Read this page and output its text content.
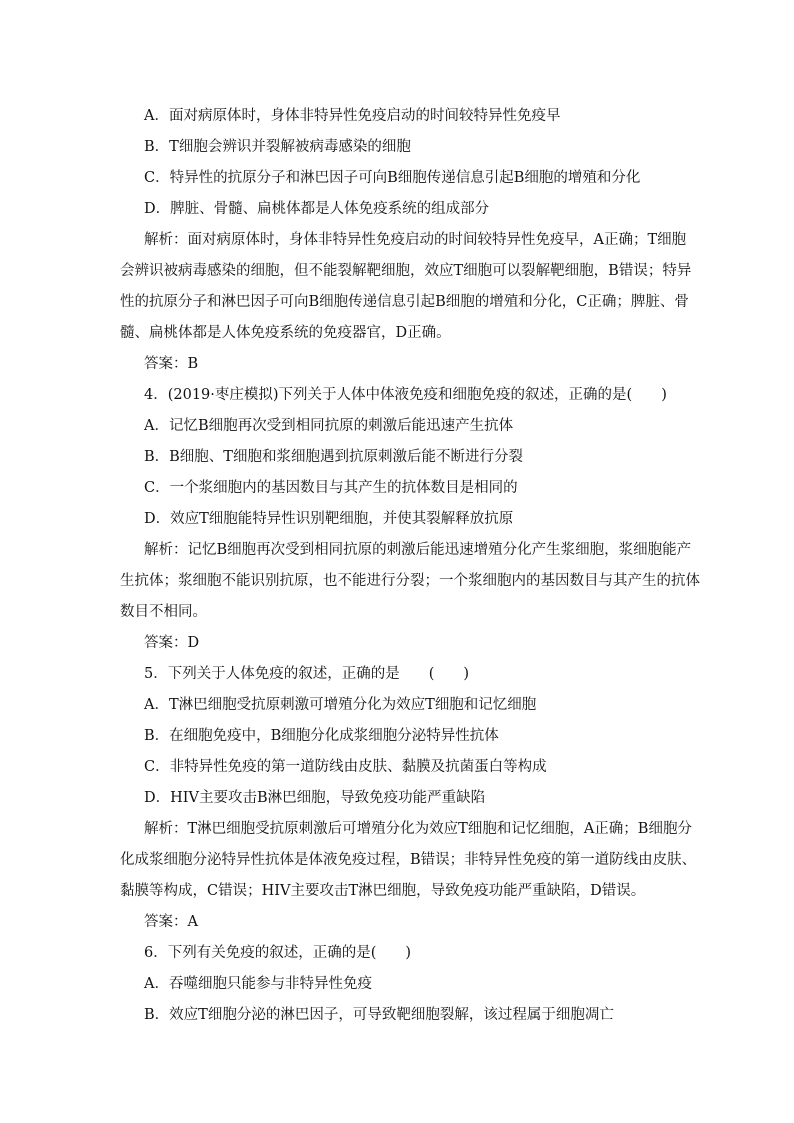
A．面对病原体时，身体非特异性免疫启动的时间较特异性免疫早
B．T细胞会辨识并裂解被病毒感染的细胞
C．特异性的抗原分子和淋巴因子可向B细胞传递信息引起B细胞的增殖和分化
D．脾脏、骨髓、扁桃体都是人体免疫系统的组成部分
解析：面对病原体时，身体非特异性免疫启动的时间较特异性免疫早，A正确；T细胞
会辨识被病毒感染的细胞，但不能裂解靶细胞，效应T细胞可以裂解靶细胞，B错误；特异
性的抗原分子和淋巴因子可向B细胞传递信息引起B细胞的增殖和分化，C正确；脾脏、骨
髓、扁桃体都是人体免疫系统的免疫器官，D正确。
答案：B
4．(2019·枣庄模拟)下列关于人体中体液免疫和细胞免疫的叙述，正确的是(　　)
A．记忆B细胞再次受到相同抗原的刺激后能迅速产生抗体
B．B细胞、T细胞和浆细胞遇到抗原刺激后能不断进行分裂
C．一个浆细胞内的基因数目与其产生的抗体数目是相同的
D．效应T细胞能特异性识别靶细胞，并使其裂解释放抗原
解析：记忆B细胞再次受到相同抗原的刺激后能迅速增殖分化产生浆细胞，浆细胞能产
生抗体；浆细胞不能识别抗原，也不能进行分裂；一个浆细胞内的基因数目与其产生的抗体
数目不相同。
答案：D
5．下列关于人体免疫的叙述，正确的是　　(　　)
A．T淋巴细胞受抗原刺激可增殖分化为效应T细胞和记忆细胞
B．在细胞免疫中，B细胞分化成浆细胞分泌特异性抗体
C．非特异性免疫的第一道防线由皮肤、黏膜及抗菌蛋白等构成
D．HIV主要攻击B淋巴细胞，导致免疫功能严重缺陷
解析：T淋巴细胞受抗原刺激后可增殖分化为效应T细胞和记忆细胞，A正确；B细胞分
化成浆细胞分泌特异性抗体是体液免疫过程，B错误；非特异性免疫的第一道防线由皮肤、
黏膜等构成，C错误；HIV主要攻击T淋巴细胞，导致免疫功能严重缺陷，D错误。
答案：A
6．下列有关免疫的叙述，正确的是(　　)
A．吞噬细胞只能参与非特异性免疫
B．效应T细胞分泌的淋巴因子，可导致靶细胞裂解，该过程属于细胞凋亡
